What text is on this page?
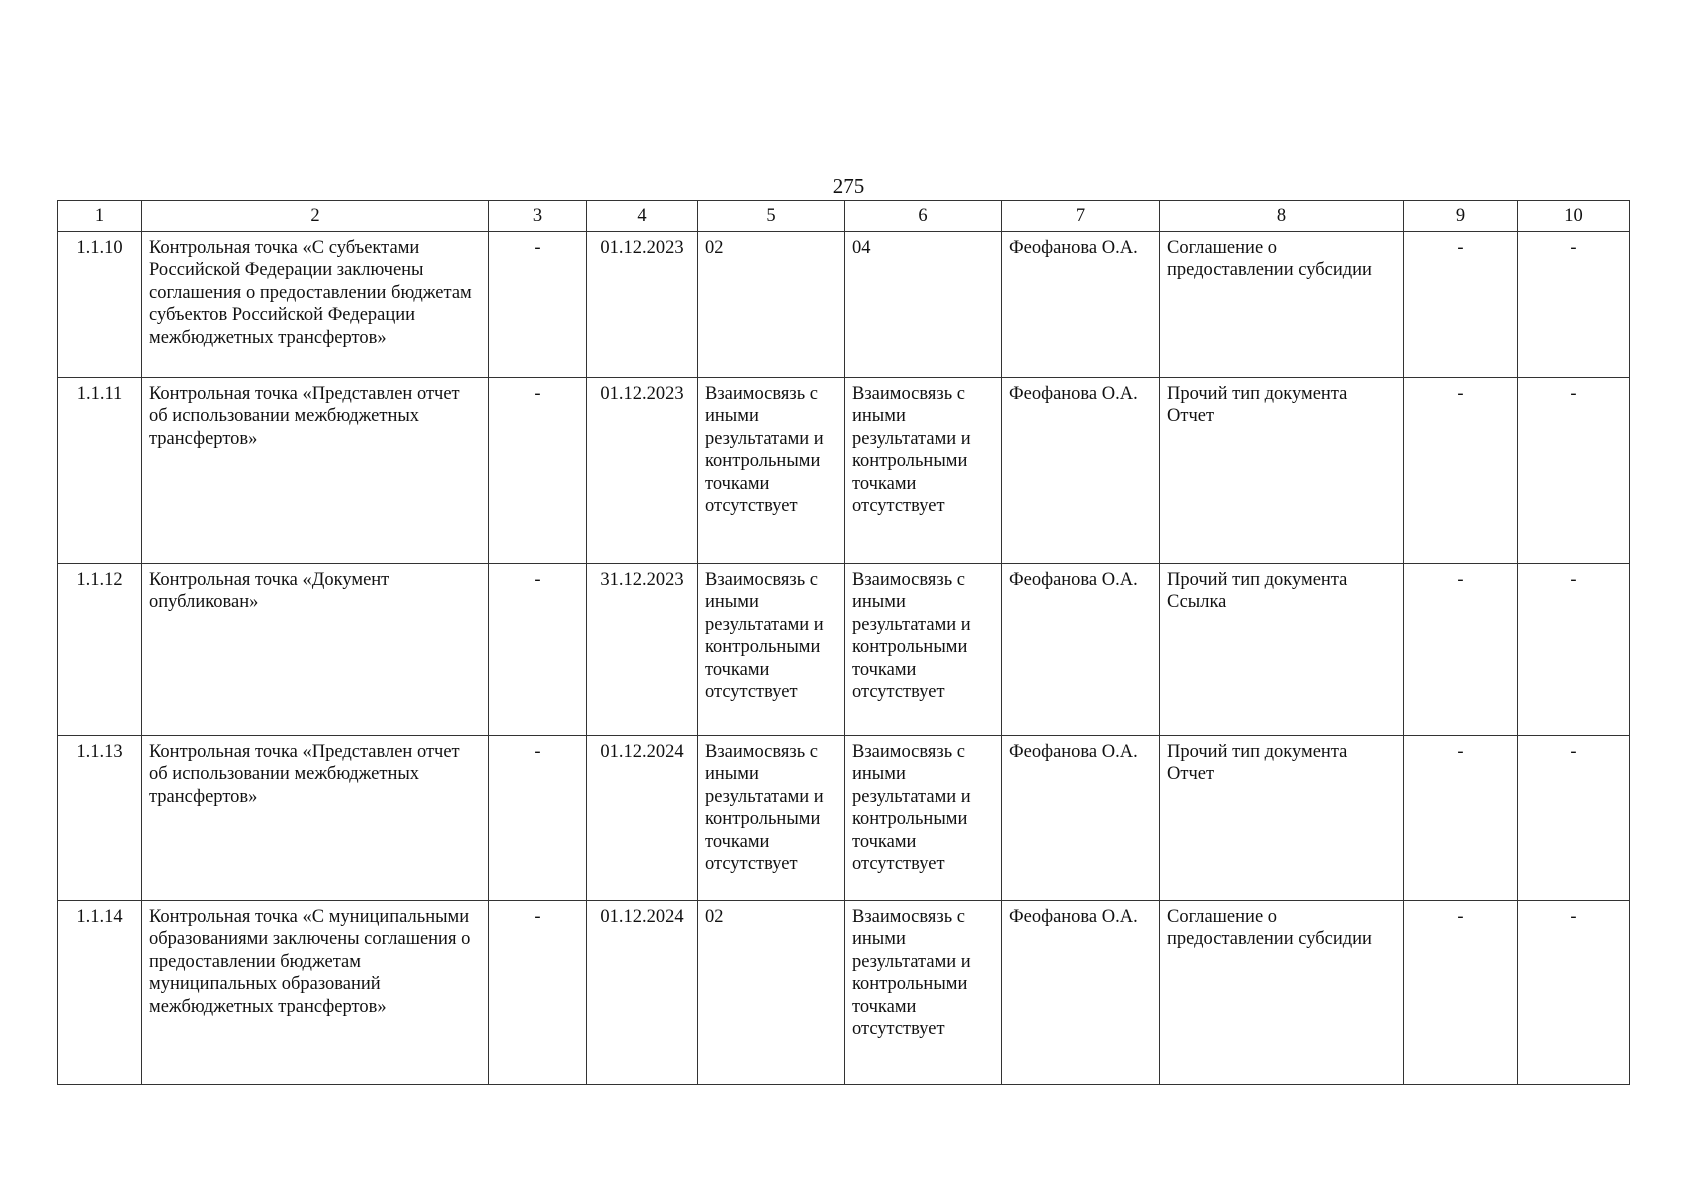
275
1	2	3	4	5	6	7	8	9	10
1.1.10	Контрольная точка «С субъектами Российской Федерации заключены соглашения о предоставлении бюджетам субъектов Российской Федерации межбюджетных трансфертов»	-	01.12.2023	02	04	Феофанова О.А.	Соглашение о предоставлении субсидии	-	-
1.1.11	Контрольная точка «Представлен отчет об использовании межбюджетных трансфертов»	-	01.12.2023	Взаимосвязь с иными результатами и контрольными точками отсутствует	Взаимосвязь с иными результатами и контрольными точками отсутствует	Феофанова О.А.	Прочий тип документа Отчет	-	-
1.1.12	Контрольная точка «Документ опубликован»	-	31.12.2023	Взаимосвязь с иными результатами и контрольными точками отсутствует	Взаимосвязь с иными результатами и контрольными точками отсутствует	Феофанова О.А.	Прочий тип документа Ссылка	-	-
1.1.13	Контрольная точка «Представлен отчет об использовании межбюджетных трансфертов»	-	01.12.2024	Взаимосвязь с иными результатами и контрольными точками отсутствует	Взаимосвязь с иными результатами и контрольными точками отсутствует	Феофанова О.А.	Прочий тип документа Отчет	-	-
1.1.14	Контрольная точка «С муниципальными образованиями заключены соглашения о предоставлении бюджетам муниципальных образований межбюджетных трансфертов»	-	01.12.2024	02	Взаимосвязь с иными результатами и контрольными точками отсутствует	Феофанова О.А.	Соглашение о предоставлении субсидии	-	-
